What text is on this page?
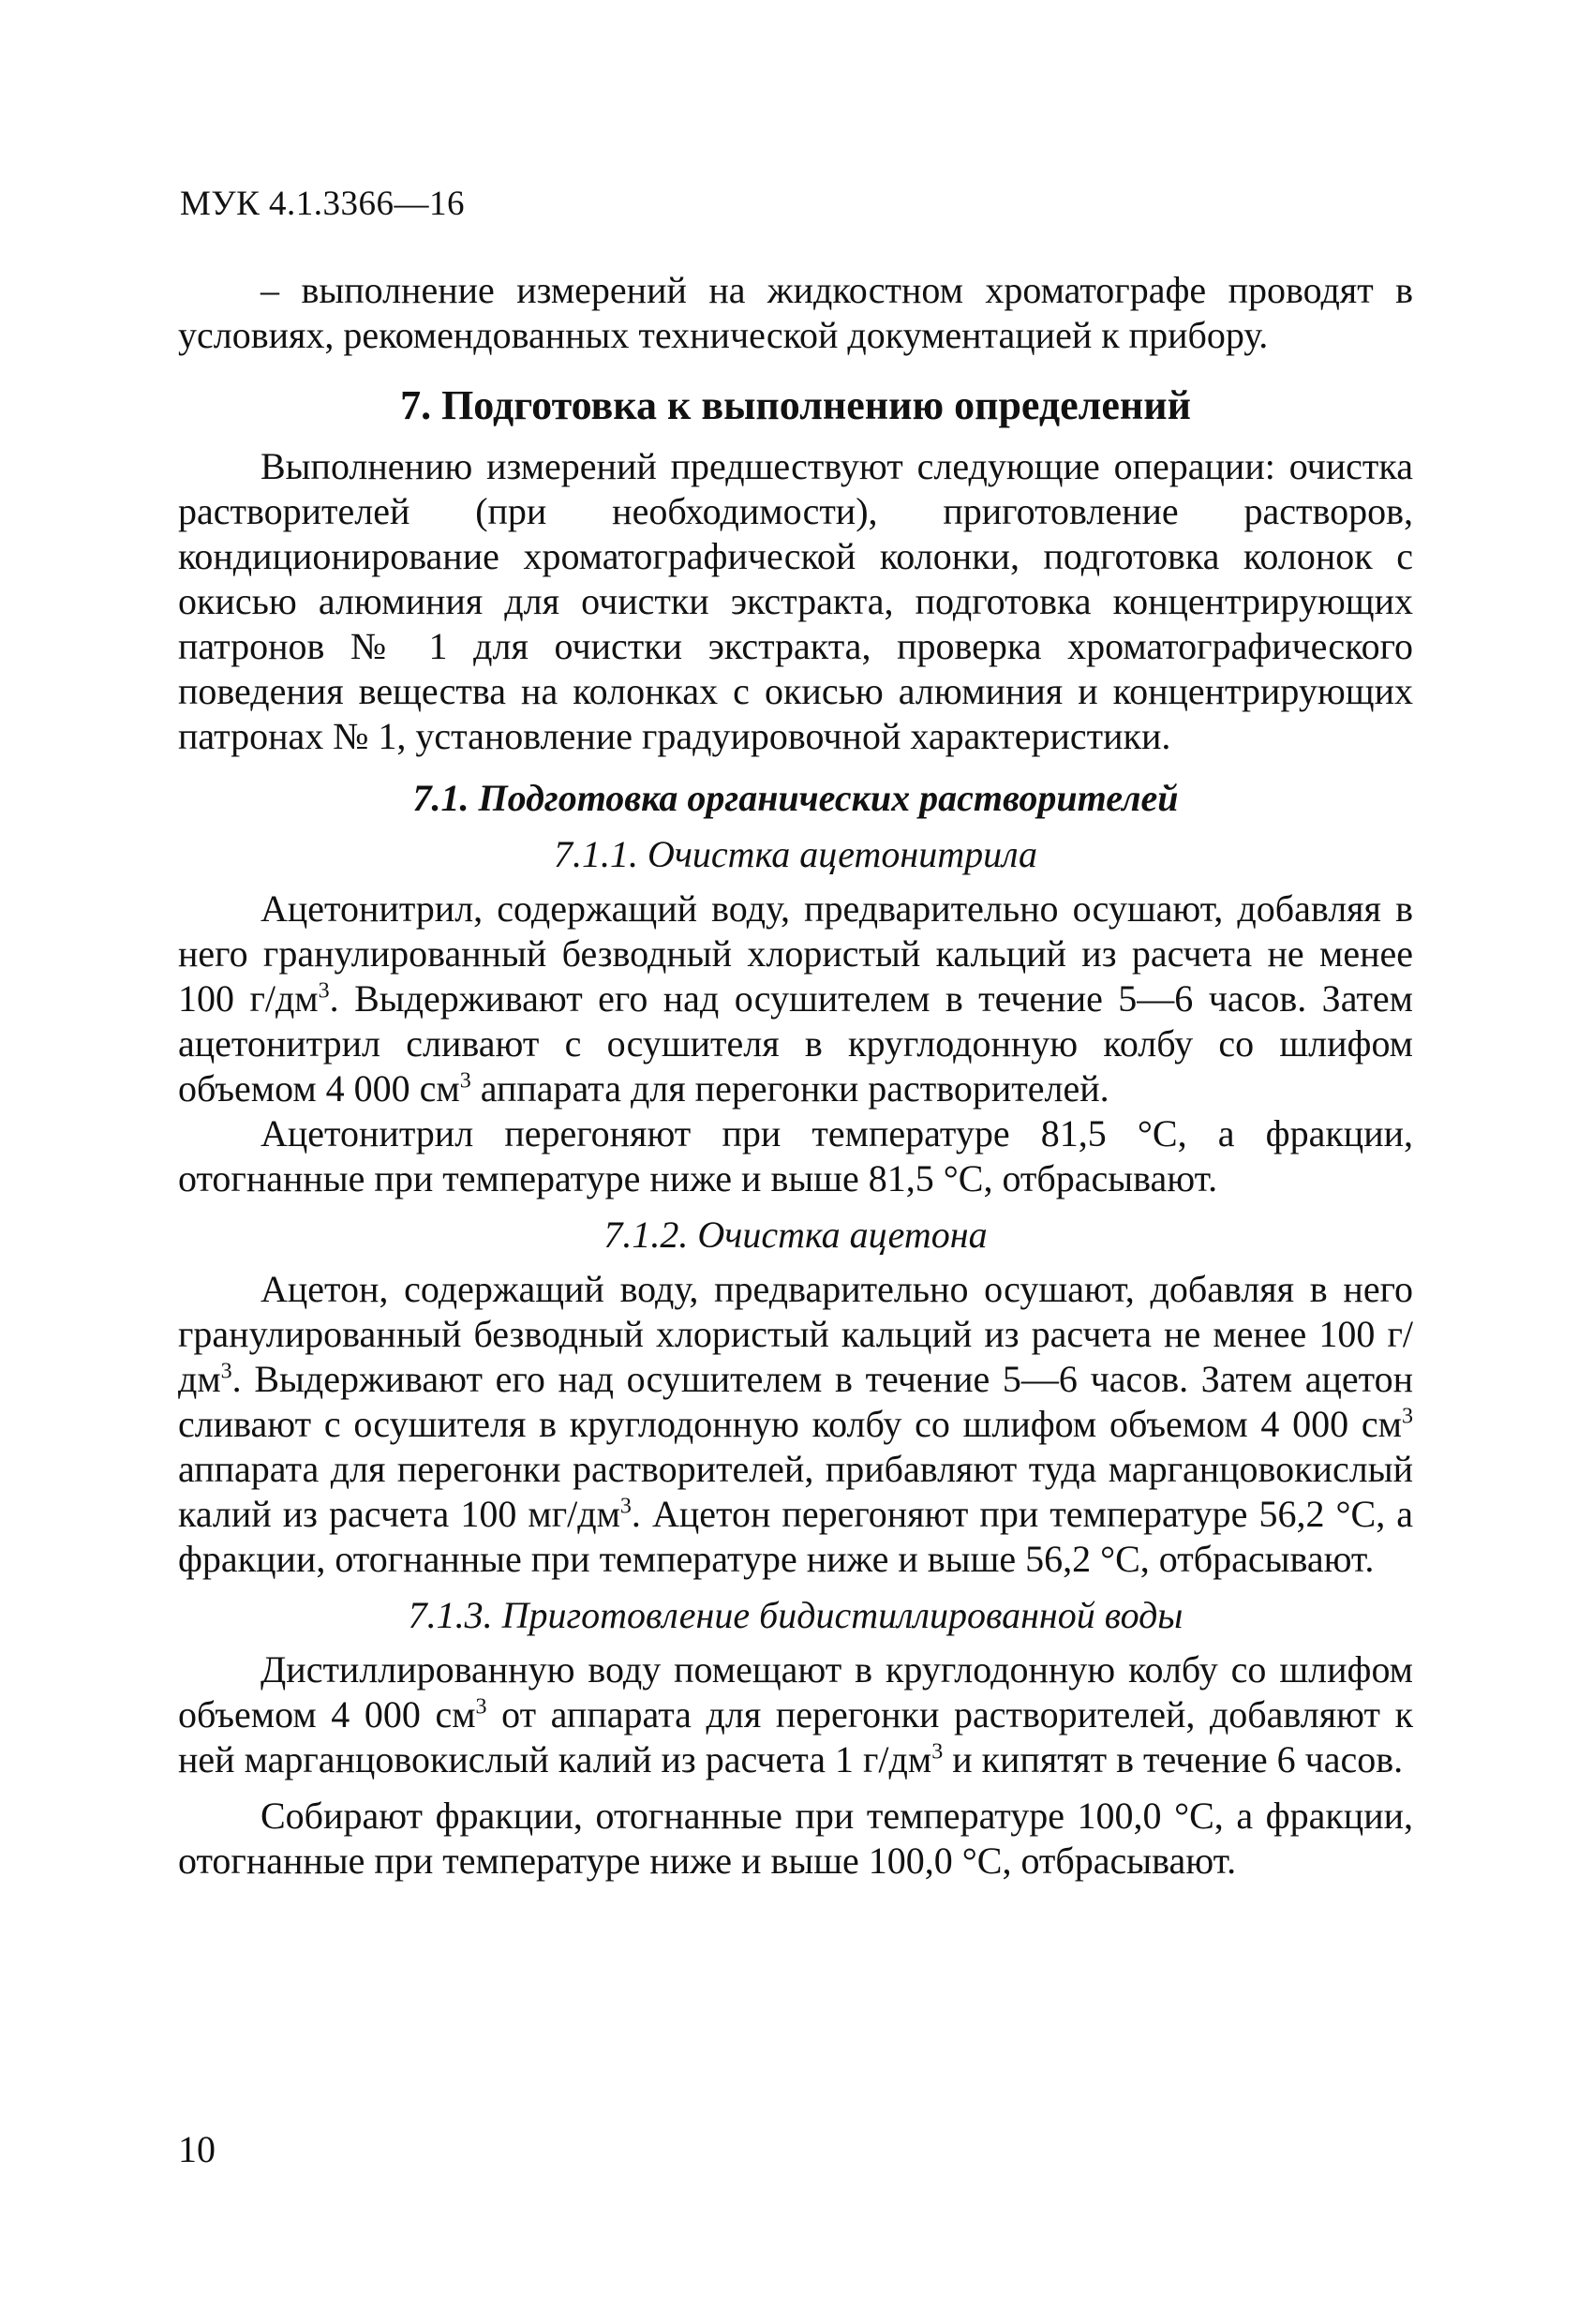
МУК 4.1.3366—16

– выполнение измерений на жидкостном хроматографе проводят в условиях, рекомендованных технической документацией к прибору.

7. Подготовка к выполнению определений

Выполнению измерений предшествуют следующие операции: очистка растворителей (при необходимости), приготовление растворов, кондиционирование хроматографической колонки, подготовка колонок с окисью алюминия для очистки экстракта, подготовка концентрирующих патронов № 1 для очистки экстракта, проверка хроматографического поведения вещества на колонках с окисью алюминия и концентрирующих патронах № 1, установление градуировочной характеристики.

7.1. Подготовка органических растворителей
7.1.1. Очистка ацетонитрила

Ацетонитрил, содержащий воду, предварительно осушают, добавляя в него гранулированный безводный хлористый кальций из расчета не менее 100 $г/дм^3$. Выдерживают его над осушителем в течение 5—6 часов. Затем ацетонитрил сливают с осушителя в круглодонную колбу со шлифом объемом 4 000 $см^3$ аппарата для перегонки растворителей.

Ацетонитрил перегоняют при температуре 81,5 °С, а фракции, отогнанные при температуре ниже и выше 81,5 °С, отбрасывают.

7.1.2. Очистка ацетона

Ацетон, содержащий воду, предварительно осушают, добавляя в него гранулированный безводный хлористый кальций из расчета не менее 100 $г/дм^3$. Выдерживают его над осушителем в течение 5—6 часов. Затем ацетон сливают с осушителя в круглодонную колбу со шлифом объемом 4 000 $см^3$ аппарата для перегонки растворителей, прибавляют туда марганцовокислый калий из расчета 100 $мг/дм^3$. Ацетон перегоняют при температуре 56,2 °С, а фракции, отогнанные при температуре ниже и выше 56,2 °С, отбрасывают.

7.1.3. Приготовление бидистиллированной воды

Дистиллированную воду помещают в круглодонную колбу со шлифом объемом 4 000 $см^3$ от аппарата для перегонки растворителей, добавляют к ней марганцовокислый калий из расчета 1 $г/дм^3$ и кипятят в течение 6 часов.

Собирают фракции, отогнанные при температуре 100,0 °С, а фракции, отогнанные при температуре ниже и выше 100,0 °С, отбрасывают.

10
